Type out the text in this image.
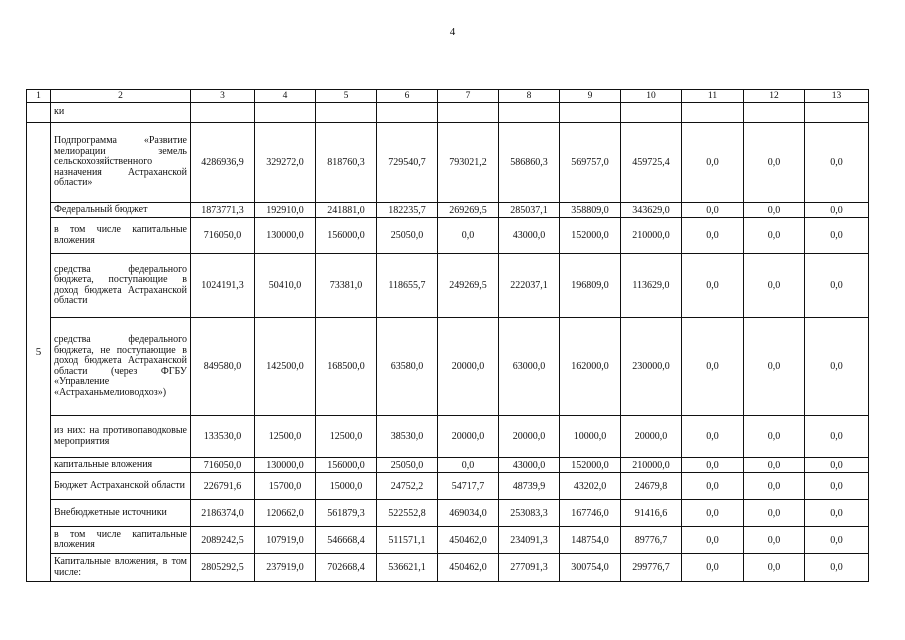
4
1	2	3	4	5	6	7	8	9	10	11	12	13
	ки											
5	Подпрограмма «Развитие мелиорации земель сельскохозяйственного назначения Астраханской области»	4286936,9	329272,0	818760,3	729540,7	793021,2	586860,3	569757,0	459725,4	0,0	0,0	0,0
	Федеральный бюджет	1873771,3	192910,0	241881,0	182235,7	269269,5	285037,1	358809,0	343629,0	0,0	0,0	0,0
	в том числе капитальные вложения	716050,0	130000,0	156000,0	25050,0	0,0	43000,0	152000,0	210000,0	0,0	0,0	0,0
	средства федерального бюджета, поступающие в доход бюджета Астраханской области	1024191,3	50410,0	73381,0	118655,7	249269,5	222037,1	196809,0	113629,0	0,0	0,0	0,0
	средства федерального бюджета, не поступающие в доход бюджета Астраханской области (через ФГБУ «Управление «Астраханьмелиоводхоз»)	849580,0	142500,0	168500,0	63580,0	20000,0	63000,0	162000,0	230000,0	0,0	0,0	0,0
	из них: на противопаводковые мероприятия	133530,0	12500,0	12500,0	38530,0	20000,0	20000,0	10000,0	20000,0	0,0	0,0	0,0
	капитальные вложения	716050,0	130000,0	156000,0	25050,0	0,0	43000,0	152000,0	210000,0	0,0	0,0	0,0
	Бюджет Астраханской области	226791,6	15700,0	15000,0	24752,2	54717,7	48739,9	43202,0	24679,8	0,0	0,0	0,0
	Внебюджетные источники	2186374,0	120662,0	561879,3	522552,8	469034,0	253083,3	167746,0	91416,6	0,0	0,0	0,0
	в том числе капитальные вложения	2089242,5	107919,0	546668,4	511571,1	450462,0	234091,3	148754,0	89776,7	0,0	0,0	0,0
	Капитальные вложения, в том числе:	2805292,5	237919,0	702668,4	536621,1	450462,0	277091,3	300754,0	299776,7	0,0	0,0	0,0
